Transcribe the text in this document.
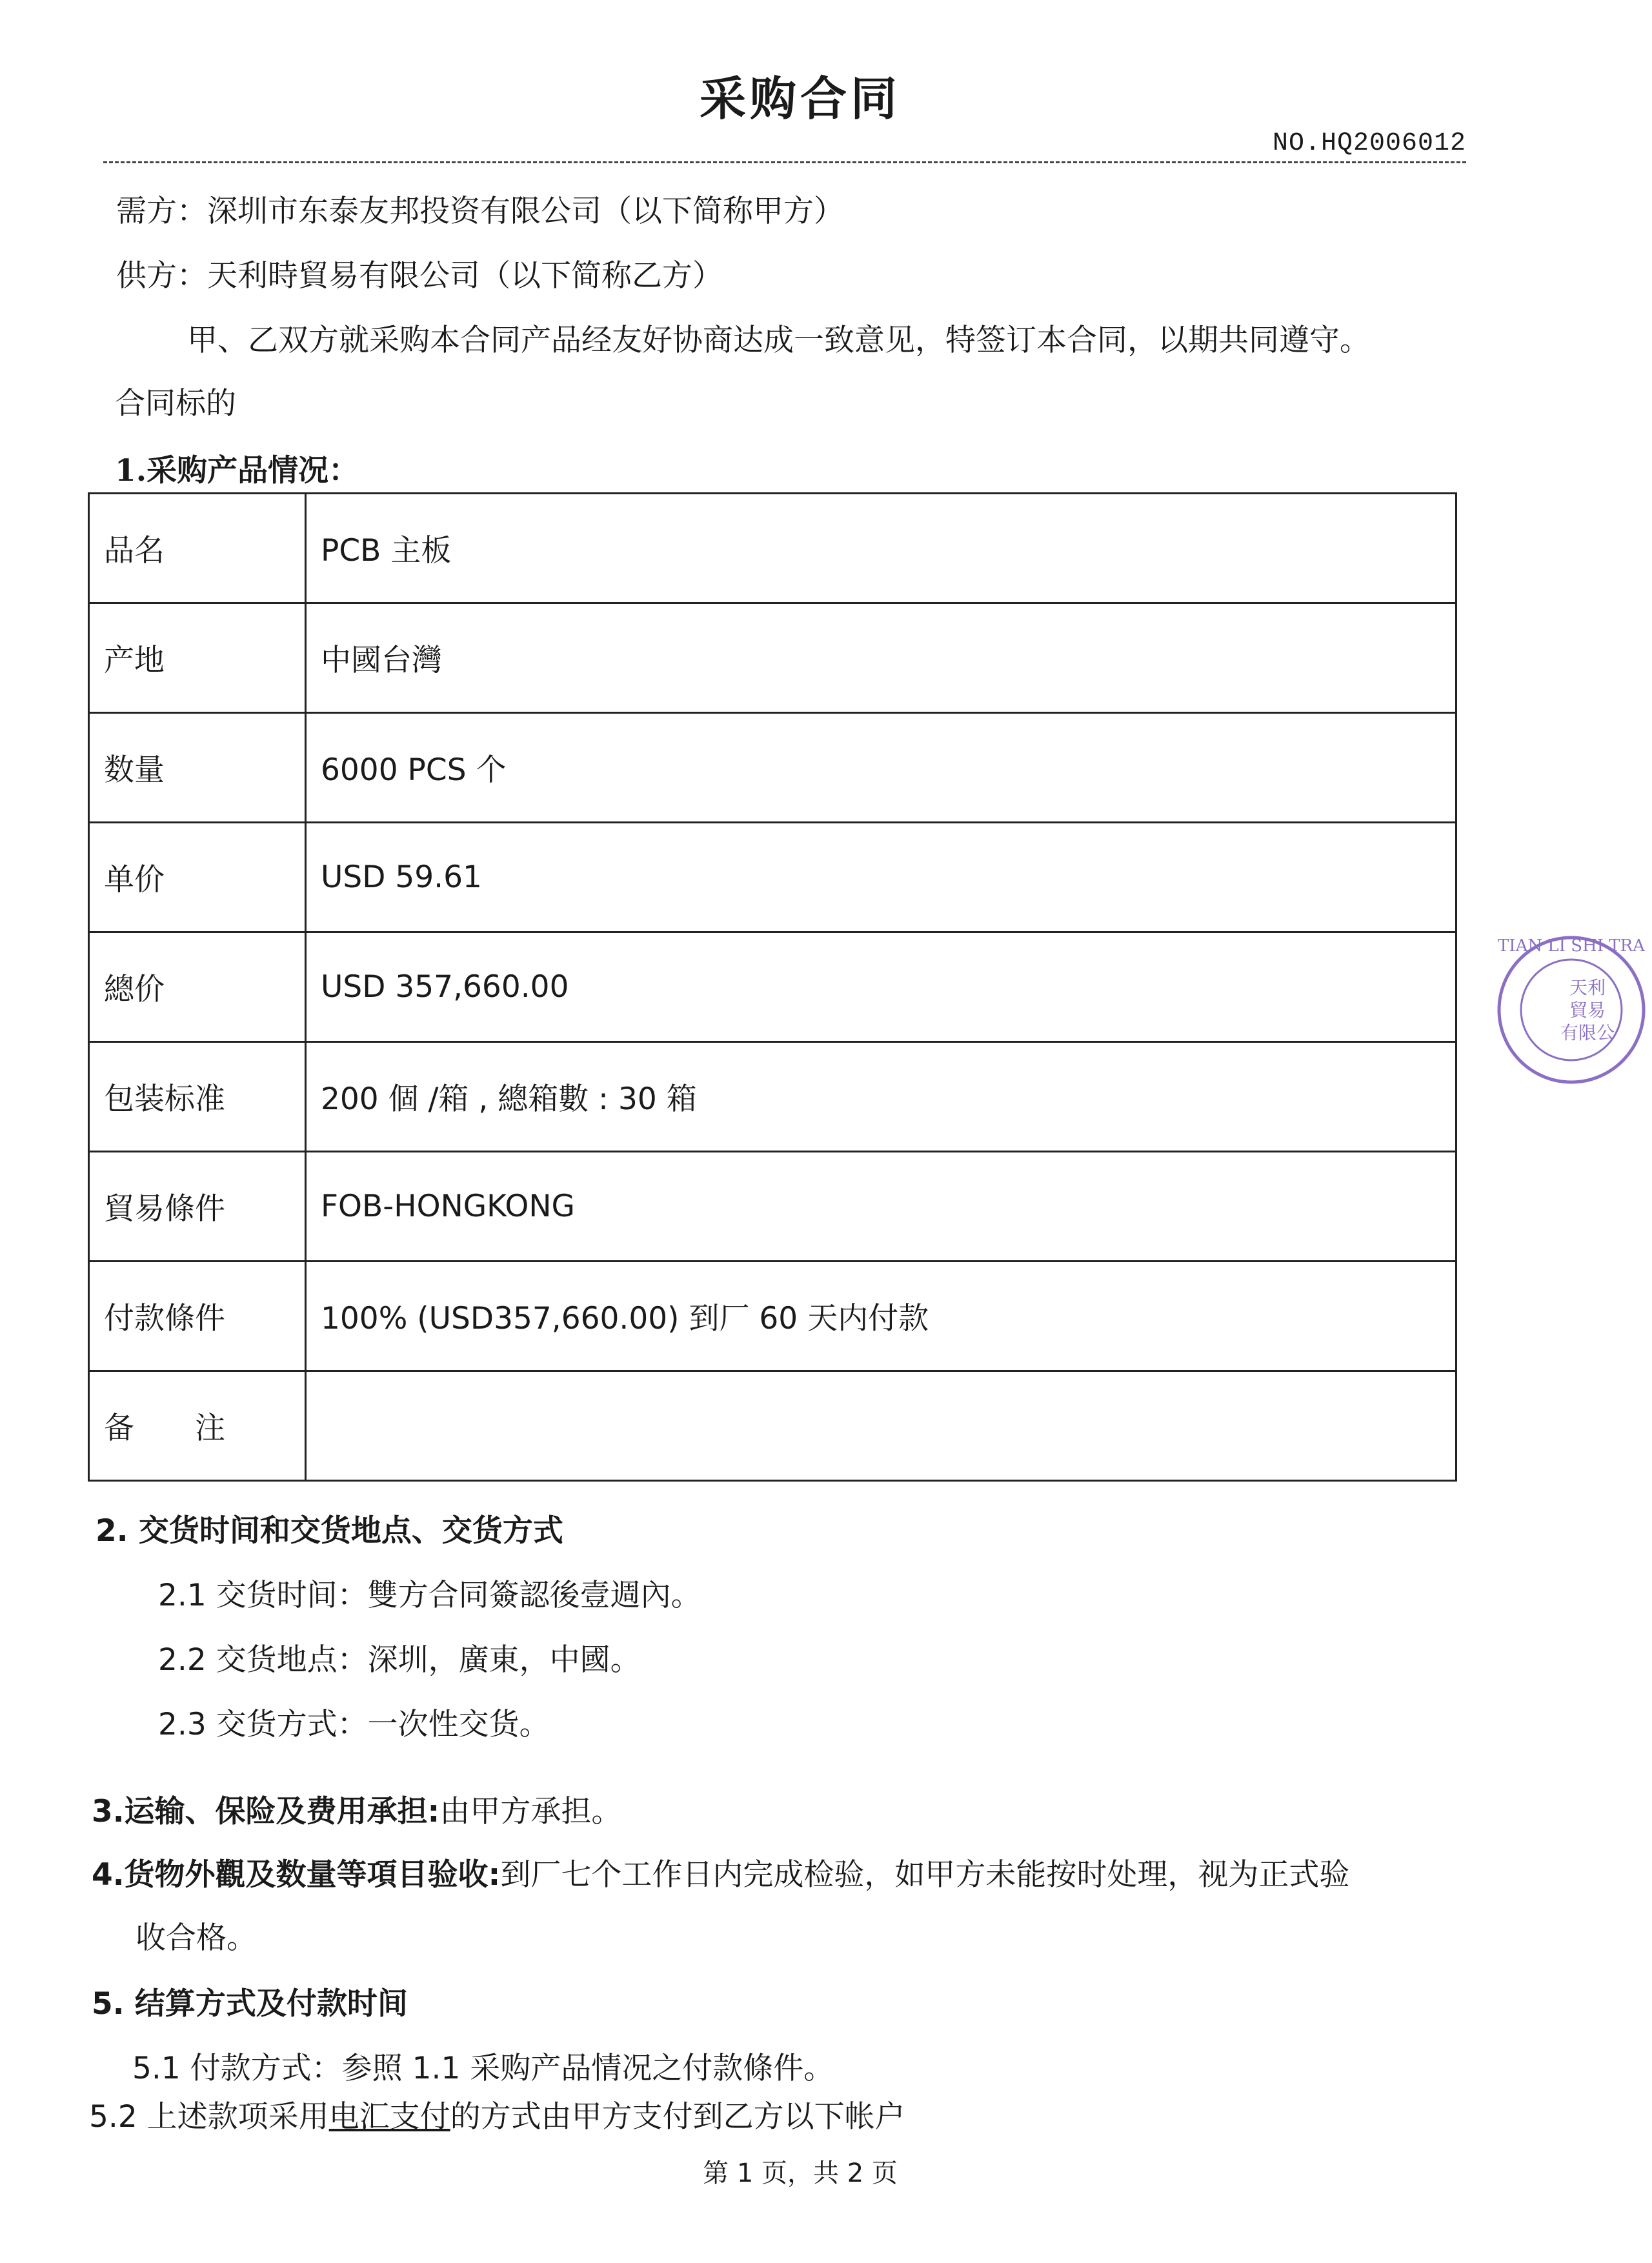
采购合同
NO.HQ2006012
需方：深圳市东泰友邦投资有限公司（以下简称甲方）
供方：天利時貿易有限公司（以下简称乙方）
甲、乙双方就采购本合同产品经友好协商达成一致意见，特签订本合同，以期共同遵守。
合同标的
1.采购产品情况：
品名	PCB 主板
产地	中國台灣
数量	6000 PCS 个
单价	USD 59.61
總价	USD 357,660.00
包装标准	200 個 /箱 , 總箱數 : 30 箱
貿易條件	FOB-HONGKONG
付款條件	100% (USD357,660.00) 到厂 60 天内付款
备　　注	
2. 交货时间和交货地点、交货方式
2.1 交货时间：雙方合同簽認後壹週內。
2.2 交货地点：深圳，廣東，中國。
2.3 交货方式：一次性交货。
3.运输、保险及费用承担:由甲方承担。
4.货物外觀及数量等項目验收:到厂七个工作日内完成检验，如甲方未能按时处理，视为正式验
收合格。
5. 结算方式及付款时间
5.1 付款方式：参照 1.1 采购产品情况之付款條件。
5.2 上述款项采用电汇支付的方式由甲方支付到乙方以下帐户
第 1 页，共 2 页
TIAN LI SHI TRA
天利
貿易
有限公
